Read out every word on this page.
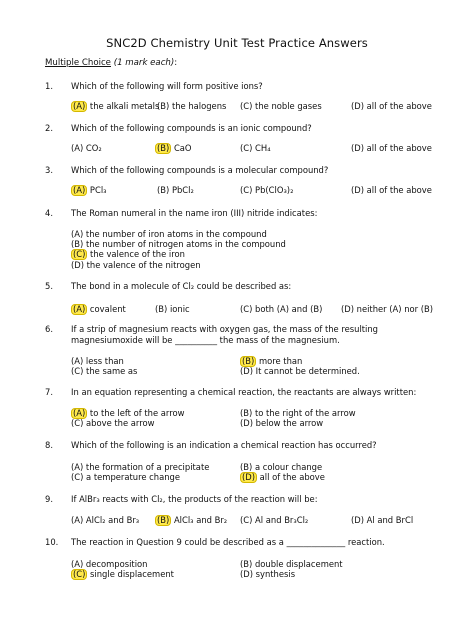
SNC2D Chemistry Unit Test Practice Answers
Multiple Choice (1 mark each):
1. Which of the following will form positive ions?
(A) the alkali metals
(B) the halogens (C) the noble gases	(D) all of the above
2. Which of the following compounds is an ionic compound?
(A) CO₂	(B) CaO	(C) CH₄	(D) all of the above
3. Which of the following compounds is a molecular compound?
(A) PCl₃	(B) PbCl₂	(C) Pb(ClO₃)₂	(D) all of the above
4. The Roman numeral in the name iron (III) nitride indicates:
(A) the number of iron atoms in the compound
(B) the number of nitrogen atoms in the compound
(C) the valence of the iron
(D) the valence of the nitrogen
5. The bond in a molecule of Cl₂ could be described as:
(A) covalent	(B) ionic	(C) both (A) and (B) (D) neither (A) nor (B)
6. If a strip of magnesium reacts with oxygen gas, the mass of the resulting magnesiumoxide will be __________ the mass of the magnesium.
(A) less than	(B) more than
(C) the same as	(D) It cannot be determined.
7. In an equation representing a chemical reaction, the reactants are always written:
(A) to the left of the arrow	(B) to the right of the arrow
(C) above the arrow	(D) below the arrow
8. Which of the following is an indication a chemical reaction has occurred?
(A) the formation of a precipitate	(B) a colour change
(C) a temperature change	(D) all of the above
9. If AlBr₃ reacts with Cl₂, the products of the reaction will be:
(A) AlCl₂ and Br₃ (B) AlCl₃ and Br₂ (C) Al and Br₃Cl₂	(D) Al and BrCl
10. The reaction in Question 9 could be described as a ______________ reaction.
(A) decomposition	(B) double displacement
(C) single displacement	(D) synthesis
